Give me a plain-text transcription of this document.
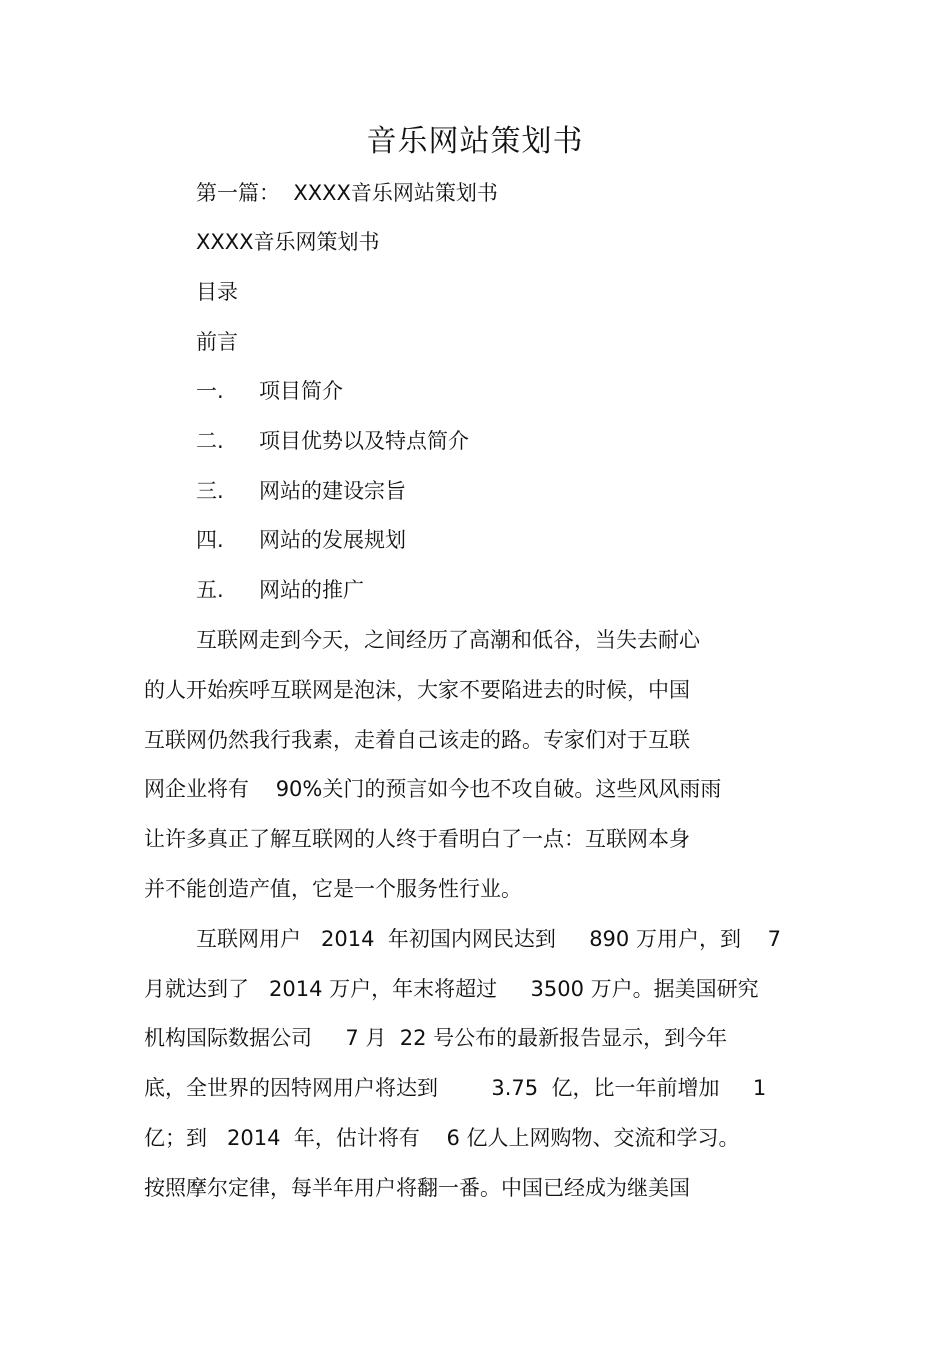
音乐网站策划书
第一篇：  XXXX音乐网站策划书
XXXX音乐网策划书
目录
前言
一. 项目简介
二. 项目优势以及特点简介
三. 网站的建设宗旨
四. 网站的发展规划
五. 网站的推广
互联网走到今天，之间经历了高潮和低谷，当失去耐心
的人开始疾呼互联网是泡沫，大家不要陷进去的时候，中国
互联网仍然我行我素，走着自己该走的路。专家们对于互联
网企业将有    90%关门的预言如今也不攻自破。这些风风雨雨
让许多真正了解互联网的人终于看明白了一点：互联网本身
并不能创造产值，它是一个服务性行业。
互联网用户   2014  年初国内网民达到     890 万用户，到    7
月就达到了   2014 万户，年末将超过     3500 万户。据美国研究
机构国际数据公司     7 月  22 号公布的最新报告显示，到今年
底，全世界的因特网用户将达到        3.75  亿，比一年前增加     1
亿；到   2014  年，估计将有    6 亿人上网购物、交流和学习。
按照摩尔定律，每半年用户将翻一番。中国已经成为继美国
